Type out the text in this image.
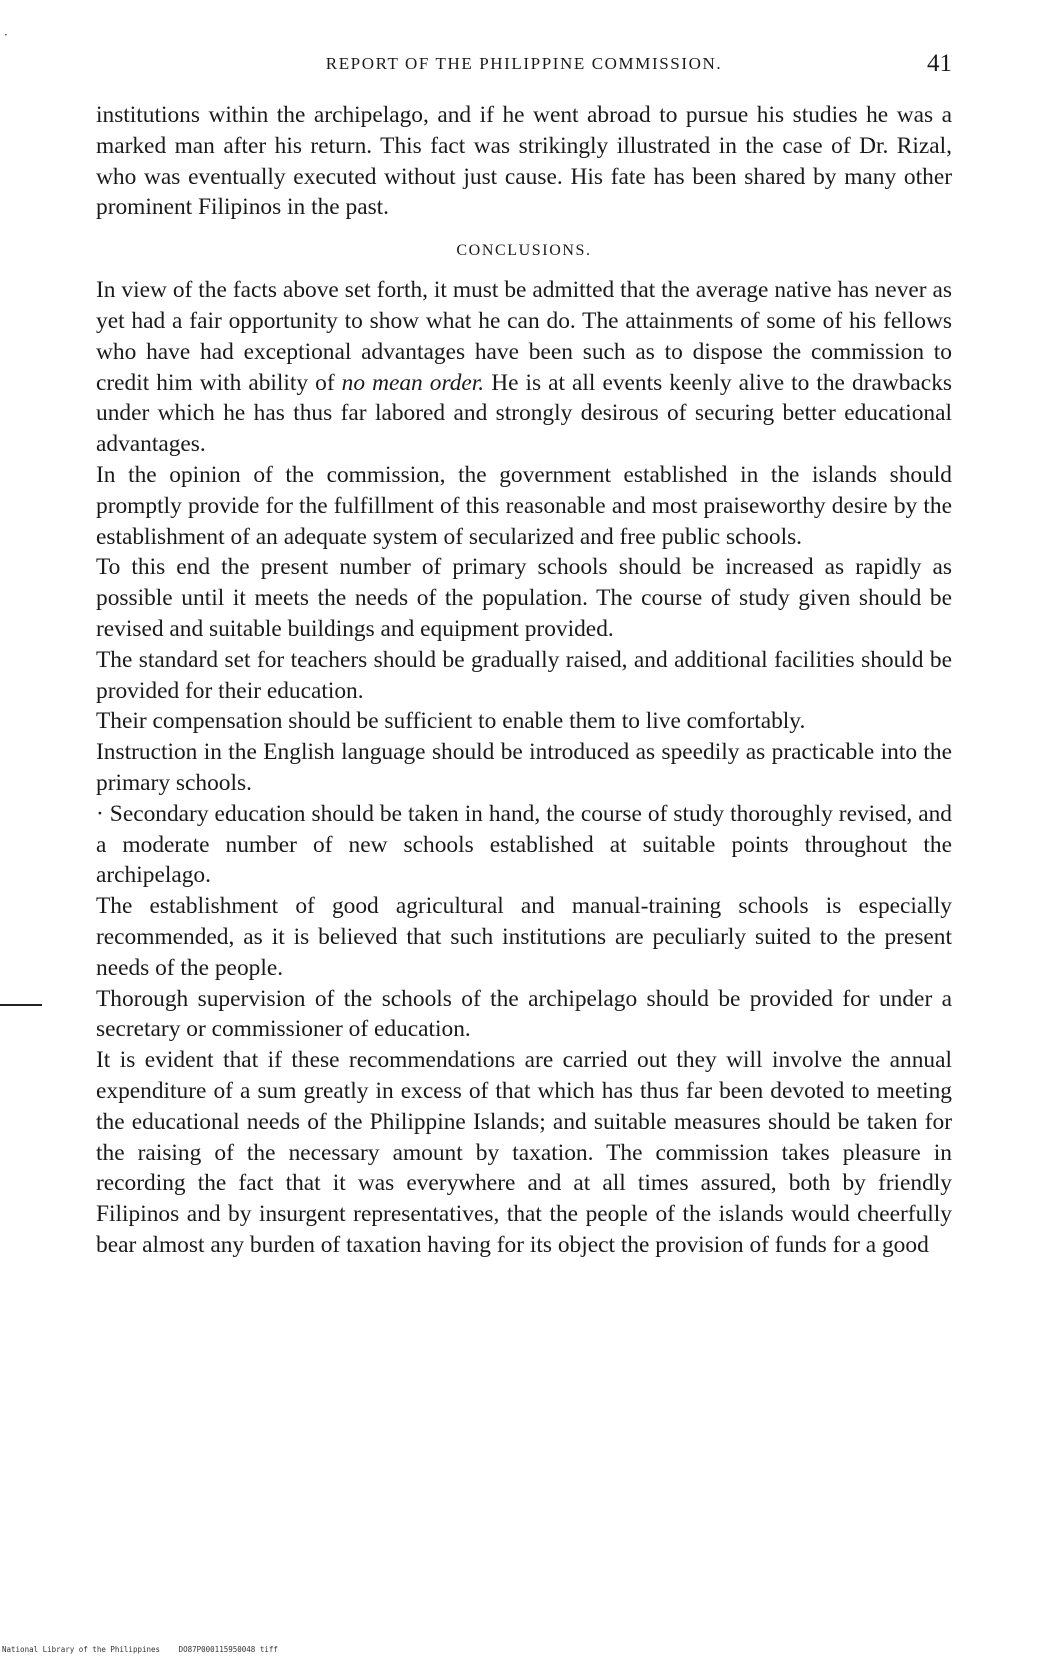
·
REPORT OF THE PHILIPPINE COMMISSION.	41

institutions within the archipelago, and if he went abroad to pursue his studies he was a marked man after his return. This fact was strikingly illustrated in the case of Dr. Rizal, who was eventually executed without just cause. His fate has been shared by many other prominent Filipinos in the past.

CONCLUSIONS.

In view of the facts above set forth, it must be admitted that the average native has never as yet had a fair opportunity to show what he can do. The attainments of some of his fellows who have had exceptional advantages have been such as to dispose the commission to credit him with ability of no mean order. He is at all events keenly alive to the drawbacks under which he has thus far labored and strongly desirous of securing better educational advantages.

In the opinion of the commission, the government established in the islands should promptly provide for the fulfillment of this reasonable and most praiseworthy desire by the establishment of an adequate system of secularized and free public schools.

To this end the present number of primary schools should be increased as rapidly as possible until it meets the needs of the population. The course of study given should be revised and suitable buildings and equipment provided.

The standard set for teachers should be gradually raised, and additional facilities should be provided for their education.

Their compensation should be sufficient to enable them to live comfortably.

Instruction in the English language should be introduced as speedily as practicable into the primary schools.

· Secondary education should be taken in hand, the course of study thoroughly revised, and a moderate number of new schools established at suitable points throughout the archipelago.

The establishment of good agricultural and manual-training schools is especially recommended, as it is believed that such institutions are peculiarly suited to the present needs of the people.

Thorough supervision of the schools of the archipelago should be provided for under a secretary or commissioner of education.

It is evident that if these recommendations are carried out they will involve the annual expenditure of a sum greatly in excess of that which has thus far been devoted to meeting the educational needs of the Philippine Islands; and suitable measures should be taken for the raising of the necessary amount by taxation. The commission takes pleasure in recording the fact that it was everywhere and at all times assured, both by friendly Filipinos and by insurgent representatives, that the people of the islands would cheerfully bear almost any burden of taxation having for its object the provision of funds for a good

National Library of the Philippines DO87P000115950048 tiff
